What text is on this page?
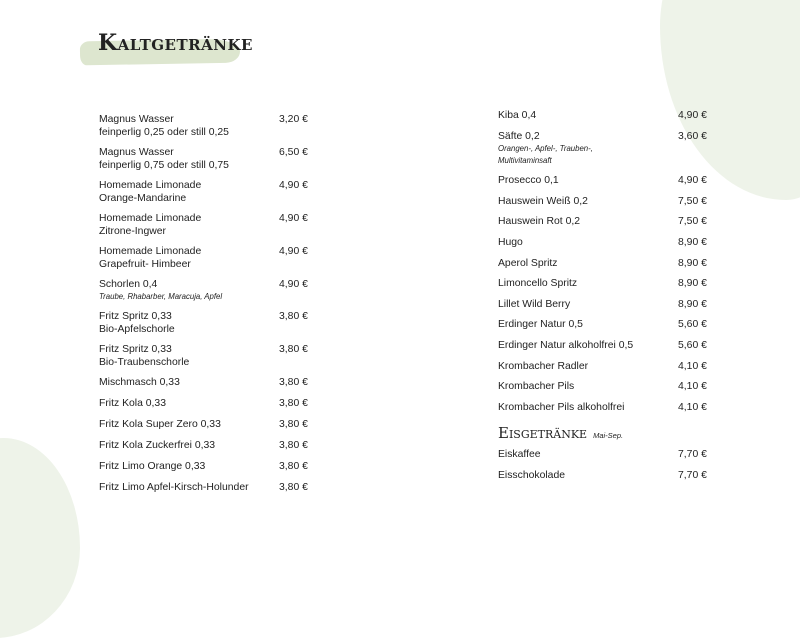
Kaltgetränke
Magnus Wasser
feinperlig 0,25 oder still 0,25
3,20 €
Magnus Wasser
feinperlig 0,75 oder still 0,75
6,50 €
Homemade Limonade
Orange-Mandarine
4,90 €
Homemade Limonade
Zitrone-Ingwer
4,90 €
Homemade Limonade
Grapefruit- Himbeer
4,90 €
Schorlen 0,4
Traube, Rhabarber, Maracuja, Apfel
4,90 €
Fritz Spritz 0,33
Bio-Apfelschorle
3,80 €
Fritz Spritz 0,33
Bio-Traubenschorle
3,80 €
Mischmasch 0,33	3,80 €
Fritz Kola 0,33	3,80 €
Fritz Kola Super Zero 0,33	3,80 €
Fritz Kola Zuckerfrei 0,33	3,80 €
Fritz Limo Orange 0,33	3,80 €
Fritz Limo Apfel-Kirsch-Holunder	3,80 €
Kiba 0,4	4,90 €
Säfte 0,2
Orangen-, Apfel-, Trauben-, Multivitaminsaft
3,60 €
Prosecco 0,1	4,90 €
Hauswein Weiß 0,2	7,50 €
Hauswein Rot 0,2	7,50 €
Hugo	8,90 €
Aperol Spritz	8,90 €
Limoncello Spritz	8,90 €
Lillet Wild Berry	8,90 €
Erdinger Natur 0,5	5,60 €
Erdinger Natur alkoholfrei 0,5	5,60 €
Krombacher Radler	4,10 €
Krombacher Pils	4,10 €
Krombacher Pils alkoholfrei	4,10 €
Eisgetränke Mai-Sep.
Eiskaffee	7,70 €
Eisschokolade	7,70 €
